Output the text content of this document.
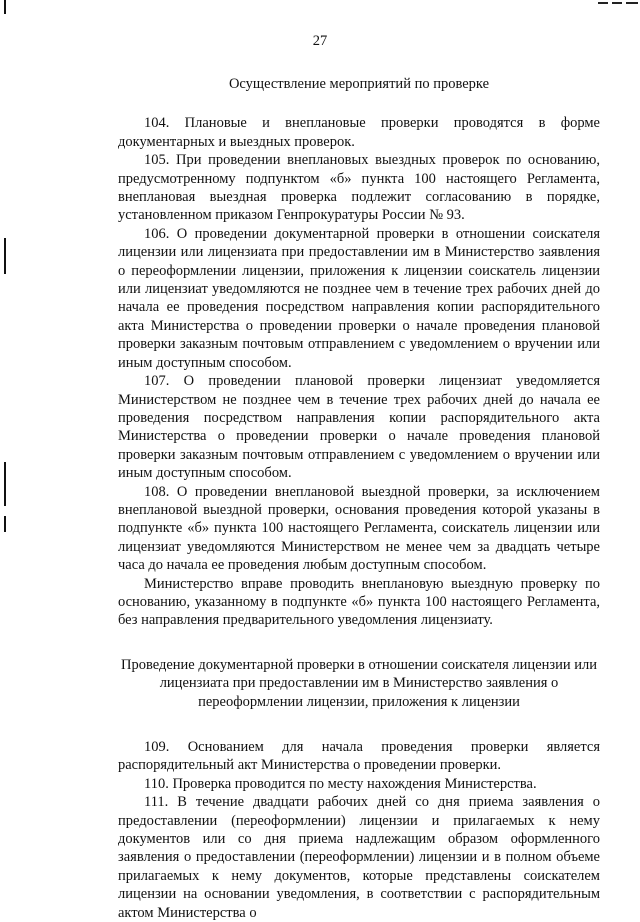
27

Осуществление мероприятий по проверке

104. Плановые и внеплановые проверки проводятся в форме документарных и выездных проверок.

105. При проведении внеплановых выездных проверок по основанию, предусмотренному подпунктом «б» пункта 100 настоящего Регламента, внеплановая выездная проверка подлежит согласованию в порядке, установленном приказом Генпрокуратуры России № 93.

106. О проведении документарной проверки в отношении соискателя лицензии или лицензиата при предоставлении им в Министерство заявления о переоформлении лицензии, приложения к лицензии соискатель лицензии или лицензиат уведомляются не позднее чем в течение трех рабочих дней до начала ее проведения посредством направления копии распорядительного акта Министерства о проведении проверки о начале проведения плановой проверки заказным почтовым отправлением с уведомлением о вручении или иным доступным способом.

107. О проведении плановой проверки лицензиат уведомляется Министерством не позднее чем в течение трех рабочих дней до начала ее проведения посредством направления копии распорядительного акта Министерства о проведении проверки о начале проведения плановой проверки заказным почтовым отправлением с уведомлением о вручении или иным доступным способом.

108. О проведении внеплановой выездной проверки, за исключением внеплановой выездной проверки, основания проведения которой указаны в подпункте «б» пункта 100 настоящего Регламента, соискатель лицензии или лицензиат уведомляются Министерством не менее чем за двадцать четыре часа до начала ее проведения любым доступным способом.

Министерство вправе проводить внеплановую выездную проверку по основанию, указанному в подпункте «б» пункта 100 настоящего Регламента, без направления предварительного уведомления лицензиату.

Проведение документарной проверки в отношении соискателя лицензии или лицензиата при предоставлении им в Министерство заявления о переоформлении лицензии, приложения к лицензии

109. Основанием для начала проведения проверки является распорядительный акт Министерства о проведении проверки.

110. Проверка проводится по месту нахождения Министерства.

111. В течение двадцати рабочих дней со дня приема заявления о предоставлении (переоформлении) лицензии и прилагаемых к нему документов или со дня приема надлежащим образом оформленного заявления о предоставлении (переоформлении) лицензии и в полном объеме прилагаемых к нему документов, которые представлены соискателем лицензии на основании уведомления, в соответствии с распорядительным актом Министерства о
